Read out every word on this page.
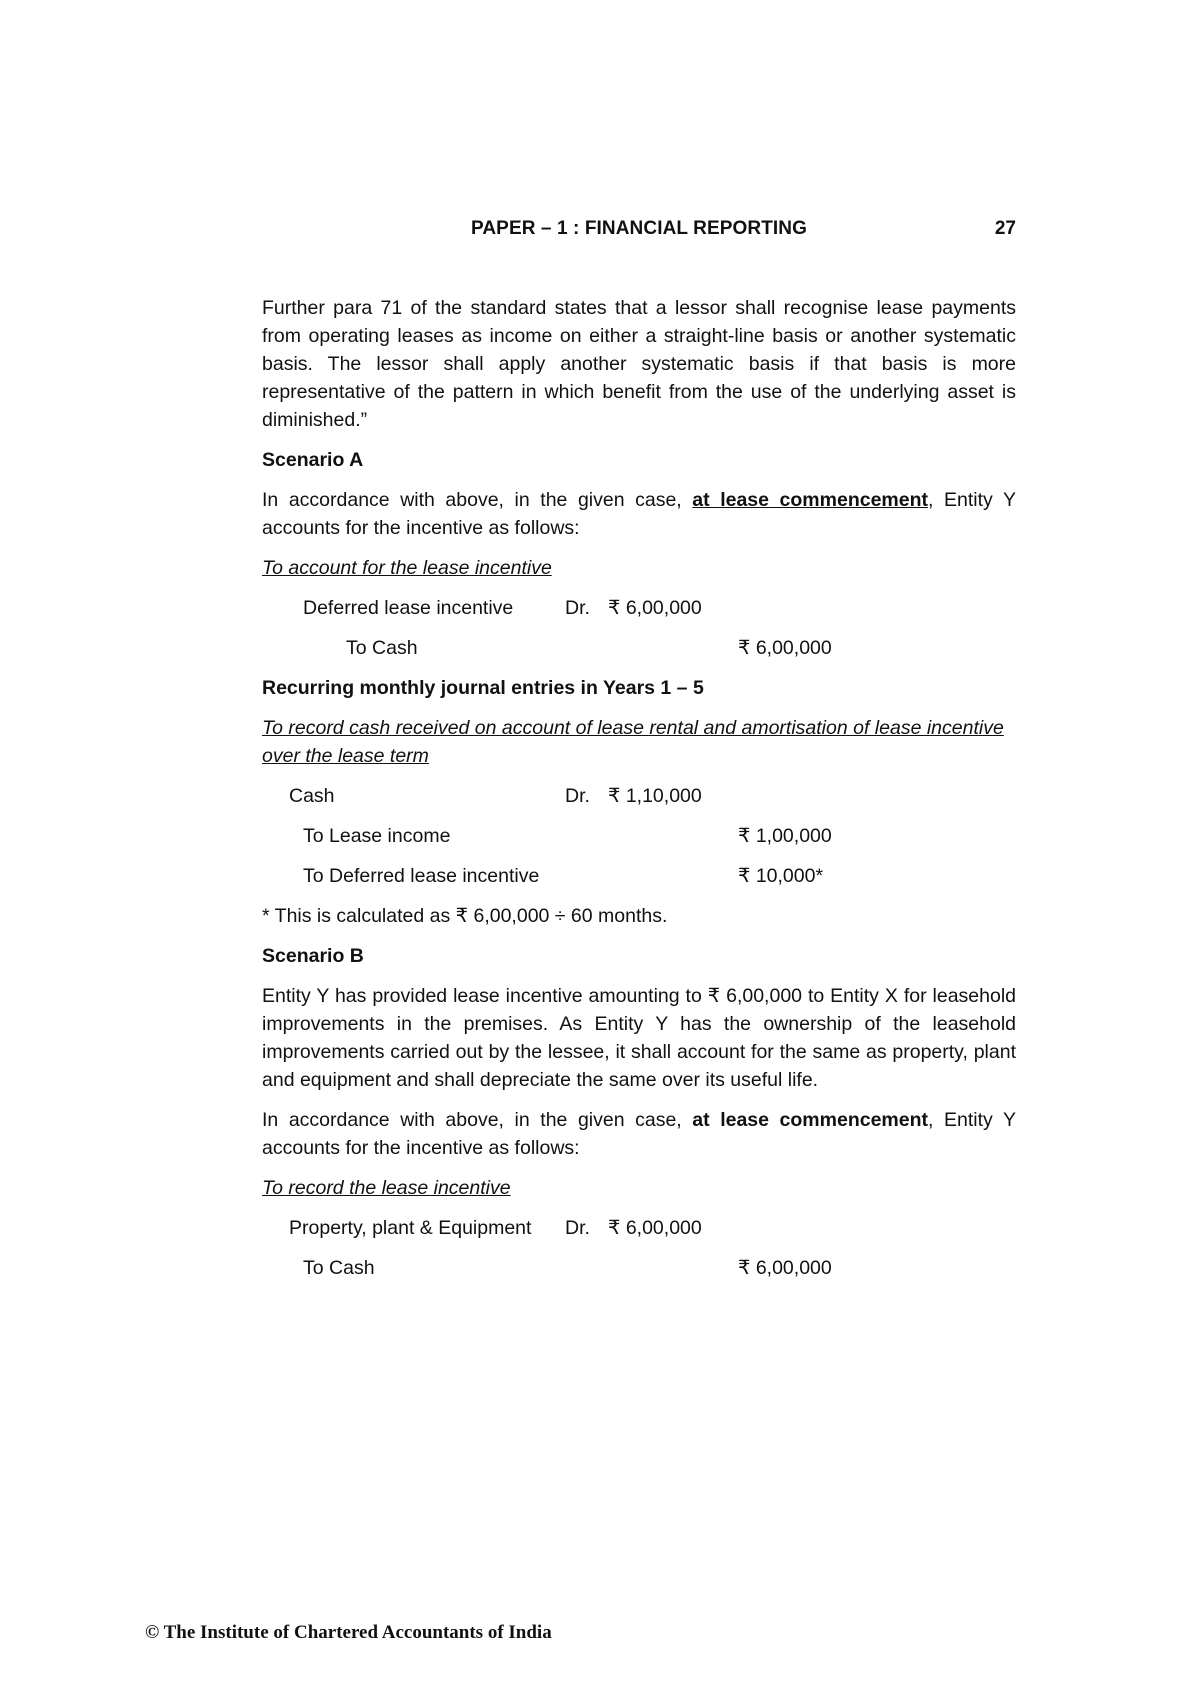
PAPER – 1 : FINANCIAL REPORTING	27

Further para 71 of the standard states that a lessor shall recognise lease payments from operating leases as income on either a straight-line basis or another systematic basis. The lessor shall apply another systematic basis if that basis is more representative of the pattern in which benefit from the use of the underlying asset is diminished.”

Scenario A

In accordance with above, in the given case, at lease commencement, Entity Y accounts for the incentive as follows:

To account for the lease incentive
Deferred lease incentive	Dr. ₹ 6,00,000
To Cash	₹ 6,00,000
Recurring monthly journal entries in Years 1 – 5
To record cash received on account of lease rental and amortisation of lease incentive over the lease term
Cash	Dr. ₹ 1,10,000
To Lease income	₹ 1,00,000
To Deferred lease incentive	₹ 10,000*

* This is calculated as ₹ 6,00,000 ÷ 60 months.

Scenario B

Entity Y has provided lease incentive amounting to ₹ 6,00,000 to Entity X for leasehold improvements in the premises. As Entity Y has the ownership of the leasehold improvements carried out by the lessee, it shall account for the same as property, plant and equipment and shall depreciate the same over its useful life.

In accordance with above, in the given case, at lease commencement, Entity Y accounts for the incentive as follows:

To record the lease incentive
Property, plant & Equipment Dr. ₹ 6,00,000
To Cash	₹ 6,00,000
© The Institute of Chartered Accountants of India
